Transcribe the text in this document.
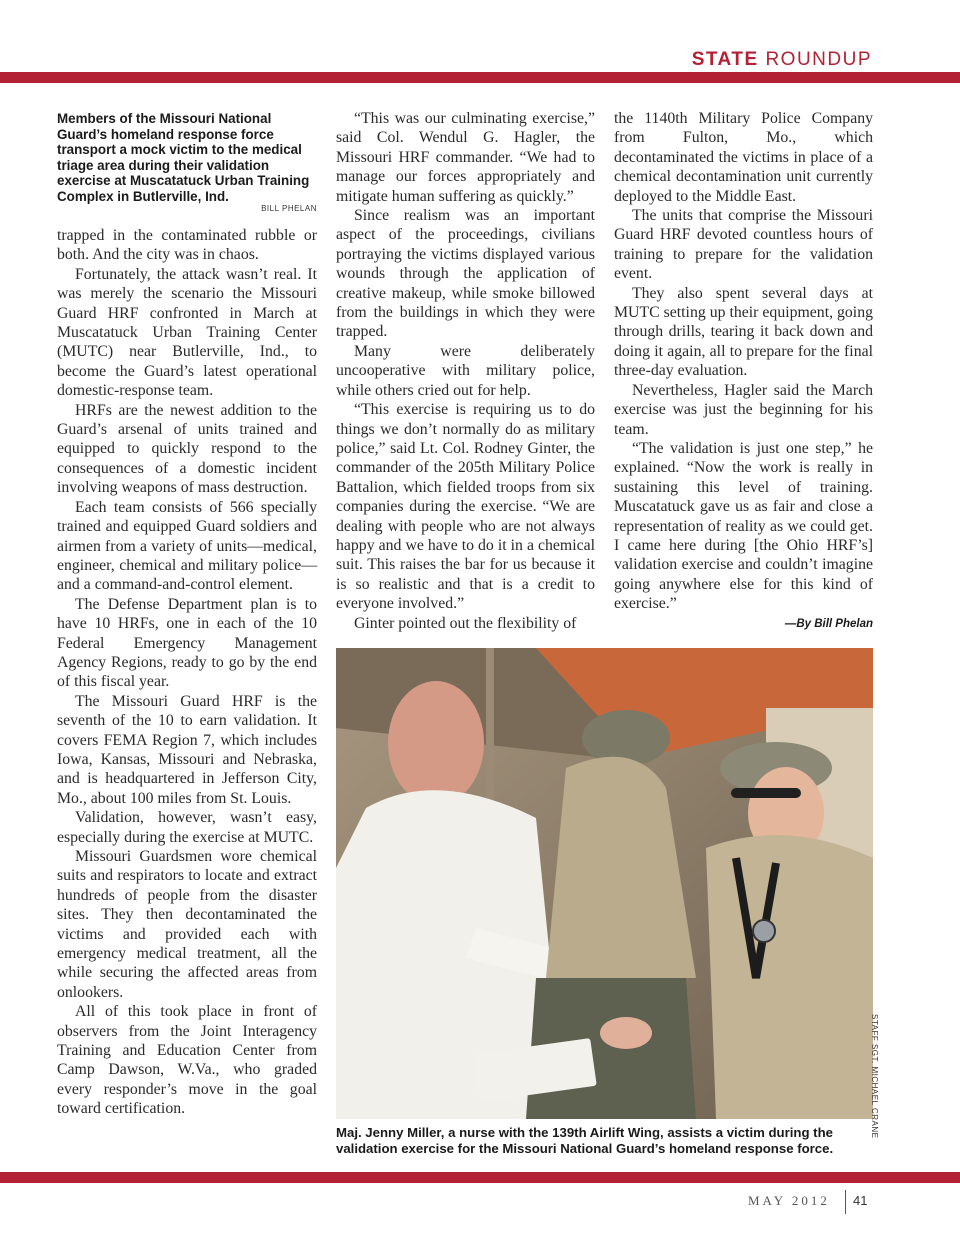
STATE ROUNDUP
Members of the Missouri National Guard’s homeland response force transport a mock victim to the medical triage area during their validation exercise at Muscatatuck Urban Training Complex in Butlerville, Ind.
BILL PHELAN

trapped in the contaminated rubble or both. And the city was in chaos.

Fortunately, the attack wasn’t real. It was merely the scenario the Missouri Guard HRF confronted in March at Muscatatuck Urban Training Center (MUTC) near Butlerville, Ind., to become the Guard’s latest operational domestic-response team.

HRFs are the newest addition to the Guard’s arsenal of units trained and equipped to quickly respond to the consequences of a domestic incident involving weapons of mass destruction.

Each team consists of 566 specially trained and equipped Guard soldiers and airmen from a variety of units—medical, engineer, chemical and military police—and a command-and-control element.

The Defense Department plan is to have 10 HRFs, one in each of the 10 Federal Emergency Management Agency Regions, ready to go by the end of this fiscal year.

The Missouri Guard HRF is the seventh of the 10 to earn validation. It covers FEMA Region 7, which includes Iowa, Kansas, Missouri and Nebraska, and is headquartered in Jefferson City, Mo., about 100 miles from St. Louis.

Validation, however, wasn’t easy, especially during the exercise at MUTC.

Missouri Guardsmen wore chemical suits and respirators to locate and extract hundreds of people from the disaster sites. They then decontaminated the victims and provided each with emergency medical treatment, all the while securing the affected areas from onlookers.

All of this took place in front of observers from the Joint Interagency Training and Education Center from Camp Dawson, W.Va., who graded every responder’s move in the goal toward certification.

“This was our culminating exercise,” said Col. Wendul G. Hagler, the Missouri HRF commander. “We had to manage our forces appropriately and mitigate human suffering as quickly.”

Since realism was an important aspect of the proceedings, civilians portraying the victims displayed various wounds through the application of creative makeup, while smoke billowed from the buildings in which they were trapped.

Many were deliberately uncooperative with military police, while others cried out for help.

“This exercise is requiring us to do things we don’t normally do as military police,” said Lt. Col. Rodney Ginter, the commander of the 205th Military Police Battalion, which fielded troops from six companies during the exercise. “We are dealing with people who are not always happy and we have to do it in a chemical suit. This raises the bar for us because it is so realistic and that is a credit to everyone involved.”

Ginter pointed out the flexibility of

the 1140th Military Police Company from Fulton, Mo., which decontaminated the victims in place of a chemical decontamination unit currently deployed to the Middle East.

The units that comprise the Missouri Guard HRF devoted countless hours of training to prepare for the validation event.

They also spent several days at MUTC setting up their equipment, going through drills, tearing it back down and doing it again, all to prepare for the final three-day evaluation.

Nevertheless, Hagler said the March exercise was just the beginning for his team.

“The validation is just one step,” he explained. “Now the work is really in sustaining this level of training. Muscatatuck gave us as fair and close a representation of reality as we could get. I came here during [the Ohio HRF’s] validation exercise and couldn’t imagine going anywhere else for this kind of exercise.”

—By Bill Phelan
STAFF SGT. MICHAEL CRANE
Maj. Jenny Miller, a nurse with the 139th Airlift Wing, assists a victim during the validation exercise for the Missouri National Guard’s homeland response force.
MAY 2012 41
